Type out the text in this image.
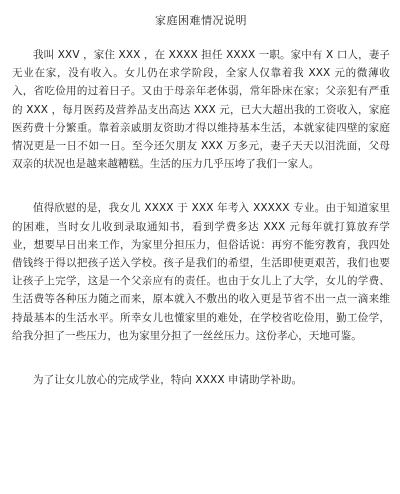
家庭困难情况说明

我叫 XXV ，家住 XXX ，在 XXXX 担任 XXXX 一职。家中有 X 口人，妻子无业在家，没有收入。女儿仍在求学阶段，全家人仅靠着我 XXX 元的微薄收入，省吃俭用的过着日子。又由于母亲年老体弱，常年卧床在家；父亲犯有严重的 XXX ，每月医药及营养品支出高达 XXX 元，已大大超出我的工资收入，家庭医药费十分繁重。靠着亲戚朋友资助才得以维持基本生活，本就家徒四壁的家庭情况更是一日不如一日。至今还欠朋友 XXX 万多元，妻子天天以泪洗面，父母双亲的状况也是越来越糟糕。生活的压力几乎压垮了我们一家人。

值得欣慰的是，我女儿 XXXX 于 XXX 年考入 XXXXX 专业。由于知道家里的困难，当时女儿收到录取通知书，看到学费多达 XXX 元每年就打算放弃学业，想要早日出来工作，为家里分担压力，但俗话说：再穷不能穷教育，我四处借钱终于得以把孩子送入学校。孩子是我们的希望，生活即使更艰苦，我们也要让孩子上完学，这是一个父亲应有的责任。也由于女儿上了大学，女儿的学费、生活费等各种压力随之而来，原本就入不敷出的收入更是节省不出一点一滴来维持最基本的生活水平。所幸女儿也懂家里的难处，在学校省吃俭用，勤工俭学，给我分担了一些压力，也为家里分担了一丝丝压力。这份孝心，天地可鉴。

为了让女儿放心的完成学业，特向 XXXX 申请助学补助。
